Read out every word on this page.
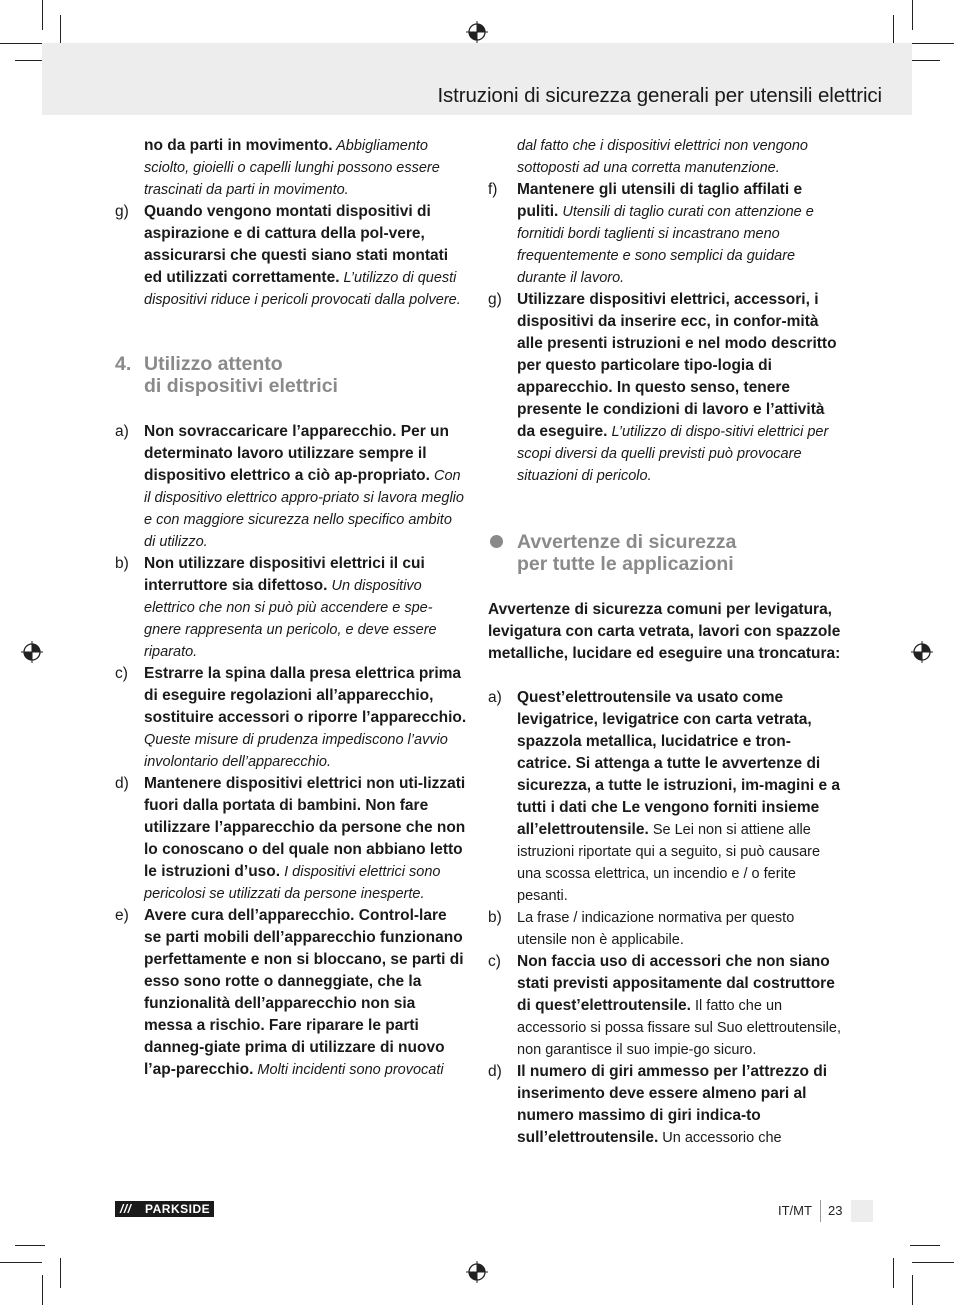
Istruzioni di sicurezza generali per utensili elettrici
no da parti in movimento. Abbigliamento sciolto, gioielli o capelli lunghi possono essere trascinati da parti in movimento.
g) Quando vengono montati dispositivi di aspirazione e di cattura della pol-vere, assicurarsi che questi siano stati montati ed utilizzati correttamente. L’utilizzo di questi dispositivi riduce i pericoli provocati dalla polvere.
4. Utilizzo attento
di dispositivi elettrici
a) Non sovraccaricare l’apparecchio. Per un determinato lavoro utilizzare sempre il dispositivo elettrico a ciò ap-propriato. Con il dispositivo elettrico appro-priato si lavora meglio e con maggiore sicurezza nello specifico ambito di utilizzo.
b) Non utilizzare dispositivi elettrici il cui interruttore sia difettoso. Un dispositivo elettrico che non si può più accendere e spe-gnere rappresenta un pericolo, e deve essere riparato.
c) Estrarre la spina dalla presa elettrica prima di eseguire regolazioni all’apparecchio, sostituire accessori o riporre l’apparecchio. Queste misure di prudenza impediscono l’avvio involontario dell’apparecchio.
d) Mantenere dispositivi elettrici non uti-lizzati fuori dalla portata di bambini. Non fare utilizzare l’apparecchio da persone che non lo conoscano o del quale non abbiano letto le istruzioni d’uso. I dispositivi elettrici sono pericolosi se utilizzati da persone inesperte.
e) Avere cura dell’apparecchio. Control-lare se parti mobili dell’apparecchio funzionano perfettamente e non si bloccano, se parti di esso sono rotte o danneggiate, che la funzionalità dell’apparecchio non sia messa a rischio. Fare riparare le parti danneg-giate prima di utilizzare di nuovo l’ap-parecchio. Molti incidenti sono provocati
dal fatto che i dispositivi elettrici non vengono sottoposti ad una corretta manutenzione.
f) Mantenere gli utensili di taglio affilati e puliti. Utensili di taglio curati con attenzione e fornitidi bordi taglienti si incastrano meno frequentemente e sono semplici da guidare durante il lavoro.
g) Utilizzare dispositivi elettrici, accessori, i dispositivi da inserire ecc, in confor-mità alle presenti istruzioni e nel modo descritto per questo particolare tipo-logia di apparecchio. In questo senso, tenere presente le condizioni di lavoro e l’attività da eseguire. L’utilizzo di dispo-sitivi elettrici per scopi diversi da quelli previsti può provocare situazioni di pericolo.
Avvertenze di sicurezza
per tutte le applicazioni
Avvertenze di sicurezza comuni per levigatura, levigatura con carta vetrata, lavori con spazzole metalliche, lucidare ed eseguire una troncatura:
a) Quest’elettroutensile va usato come levigatrice, levigatrice con carta vetrata, spazzola metallica, lucidatrice e tron-catrice. Si attenga a tutte le avvertenze di sicurezza, a tutte le istruzioni, im-magini e a tutti i dati che Le vengono forniti insieme all’elettroutensile. Se Lei non si attiene alle istruzioni riportate qui a seguito, si può causare una scossa elettrica, un incendio e / o ferite pesanti.
b) La frase / indicazione normativa per questo utensile non è applicabile.
c) Non faccia uso di accessori che non siano stati previsti appositamente dal costruttore di quest’elettroutensile. Il fatto che un accessorio si possa fissare sul Suo elettroutensile, non garantisce il suo impie-go sicuro.
d) Il numero di giri ammesso per l’attrezzo di inserimento deve essere almeno pari al numero massimo di giri indica-to sull’elettroutensile. Un accessorio che
/// PARKSIDE	IT/MT 23
